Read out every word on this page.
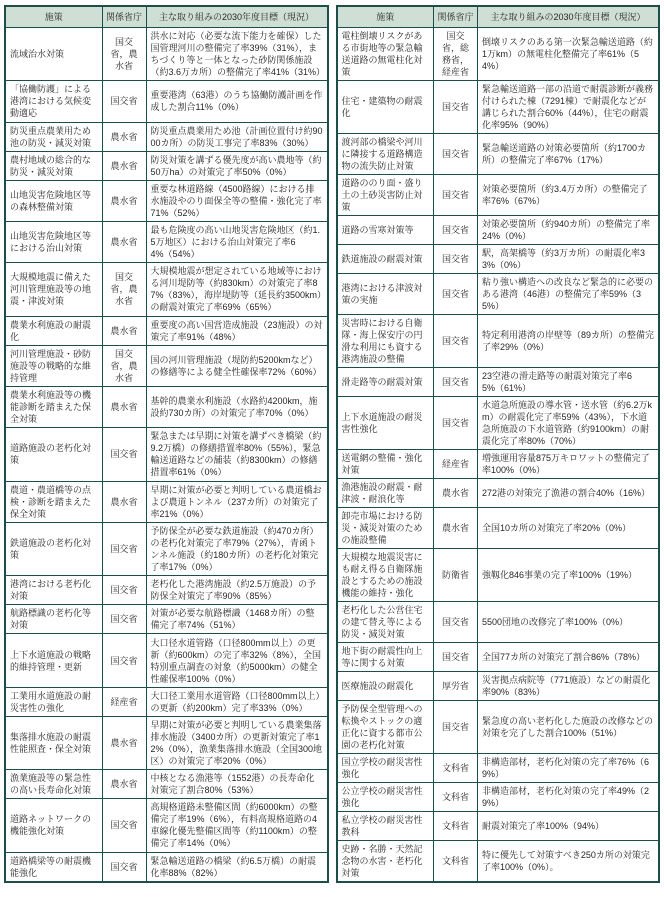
施策	関係省庁	主な取り組みの2030年度目標（現況）
流域治水対策	国交省，農水省	洪水に対応（必要な流下能力を確保）した国管理河川の整備完了率39%（31%），まちづくり等と一体となった砂防関係施設（約3.6万カ所）の整備完了率41%（31%）
「協働防護」による港湾における気候変動適応	国交省	重要港湾（63港）のうち協働防護計画を作成した割合11%（0%）
防災重点農業用ため池の防災・減災対策	農水省	防災重点農業用ため池（計画位置付け約9000カ所）の防災工事完了率83%（30%）
農村地域の総合的な防災・減災対策	農水省	防災対策を講ずる優先度が高い農地等（約50万ha）の対策完了率50%（0%）
山地災害危険地区等の森林整備対策	農水省	重要な林道路線（4500路線）における排水施設やのり面保全等の整備・強化完了率71%（52%）
山地災害危険地区等における治山対策	農水省	最も危険度の高い山地災害危険地区（約1.5万地区）における治山対策完了率64%（54%）
大規模地震に備えた河川管理施設等の地震・津波対策	国交省，農水省	大規模地震が想定されている地域等における河川堤防等（約830km）の対策完了率87%（83%），海岸堤防等（延長約3500km）の耐震対策完了率69%（65%）
農業水利施設の耐震化	農水省	重要度の高い国営造成施設（23施設）の対策完了率91%（48%）
河川管理施設・砂防施設等の戦略的な維持管理	国交省，農水省	国の河川管理施設（堤防約5200kmなど）の修繕等による健全性確保率72%（60%）
農業水利施設等の機能診断を踏まえた保全対策	農水省	基幹的農業水利施設（水路約4200km，施設約730カ所）の対策完了率70%（0%）
道路施設の老朽化対策	国交省	緊急または早期に対策を講ずべき橋梁（約9.2万橋）の修繕措置率80%（55%），緊急輸送道路などの舗装（約8300km）の修繕措置率61%（0%）
農道・農道橋等の点検・診断を踏まえた保全対策	農水省	早期に対策が必要と判明している農道橋および農道トンネル（237カ所）の対策完了率21%（0%）
鉄道施設の老朽化対策	国交省	予防保全が必要な鉄道施設（約470カ所）の老朽化対策完了率79%（27%），青函トンネル施設（約180カ所）の老朽化対策完了率17%（0%）
港湾における老朽化対策	国交省	老朽化した港湾施設（約2.5万施設）の予防保全対策完了率90%（85%）
航路標識の老朽化等対策	国交省	対策が必要な航路標識（1468カ所）の整備完了率74%（51%）
上下水道施設の戦略的維持管理・更新	国交省	大口径水道管路（口径800mm以上）の更新（約600km）の完了率32%（8%），全国特別重点調査の対象（約5000km）の健全性確保率100%（0%）
工業用水道施設の耐災害性の強化	経産省	大口径工業用水道管路（口径800mm以上）の更新（約200km）完了率33%（0%）
集落排水施設の耐震性能照査・保全対策	農水省	早期に対策が必要と判明している農業集落排水施設（3400カ所）の更新対策完了率12%（0%），漁業集落排水施設（全国300地区）の対策完了率20%（0%）
漁業施設等の緊急性の高い長寿命化対策	農水省	中核となる漁港等（1552港）の長寿命化対策完了割合80%（53%）
道路ネットワークの機能強化対策	国交省	高規格道路未整備区間（約6000km）の整備完了率19%（6%），有料高規格道路の4車線化優先整備区間等（約1100km）の整備完了率14%（0%）
道路橋梁等の耐震機能強化	国交省	緊急輸送道路の橋梁（約6.5万橋）の耐震化率88%（82%）
施策	関係省庁	主な取り組みの2030年度目標（現況）
電柱倒壊リスクがある市街地等の緊急輸送道路の無電柱化対策	国交省，総務省，経産省	倒壊リスクのある第一次緊急輸送道路（約1万km）の無電柱化整備完了率61%（54%）
住宅・建築物の耐震化	国交省	緊急輸送道路一部の沿道で耐震診断が義務付けられた棟（7291棟）で耐震化などが講じられた割合60%（44%），住宅の耐震化率95%（90%）
渡河部の橋梁や河川に隣接する道路構造物の流失防止対策	国交省	緊急輸送道路の対策必要箇所（約1700カ所）の整備完了率67%（17%）
道路ののり面・盛り土の土砂災害防止対策	国交省	対策必要箇所（約3.4万カ所）の整備完了率76%（67%）
道路の雪寒対策等	国交省	対策必要箇所（約940カ所）の整備完了率24%（0%）
鉄道施設の耐震対策	国交省	駅，高架橋等（約3万カ所）の耐震化率33%（0%）
港湾における津波対策の実施	国交省	粘り強い構造への改良など緊急的に必要のある港湾（46港）の整備完了率59%（35%）
災害時における自衛隊・海上保安庁の円滑な利用にも資する港湾施設の整備	国交省	特定利用港湾の岸壁等（89カ所）の整備完了率29%（0%）
滑走路等の耐震対策	国交省	23空港の滑走路等の耐震対策完了率65%（61%）
上下水道施設の耐災害性強化	国交省	水道急所施設の導水管・送水管（約6.2万km）の耐震化完了率59%（43%），下水道急所施設の下水道管路（約9100km）の耐震化完了率80%（70%）
送電網の整備・強化対策	経産省	増強運用容量875万キロワットの整備完了率100%（0%）
漁港施設の耐震・耐津波・耐浪化等	農水省	272港の対策完了漁港の割合40%（16%）
卸売市場における防災・減災対策のための施設整備	農水省	全国10カ所の対策完了率20%（0%）
大規模な地震災害にも耐え得る自衛隊施設とするための施設機能の維持・強化	防衛省	強靱化846事業の完了率100%（19%）
老朽化した公営住宅の建て替え等による防災・減災対策	国交省	5500団地の改修完了率100%（0%）
地下街の耐震性向上等に関する対策	国交省	全国77カ所の対策完了割合86%（78%）
医療施設の耐震化	厚労省	災害拠点病院等（771施設）などの耐震化率90%（83%）
予防保全型管理への転換やストックの適正化に資する都市公園の老朽化対策	国交省	緊急度の高い老朽化した施設の改修などの対策を完了した割合100%（51%）
国立学校の耐災害性強化	文科省	非構造部材，老朽化対策の完了率76%（69%）
公立学校の耐災害性強化	文科省	非構造部材，老朽化対策の完了率49%（29%）
私立学校の耐災害性教科	文科省	耐震対策完了率100%（94%）
史跡・名勝・天然記念物の水害・老朽化対策	文科省	特に優先して対策すべき250カ所の対策完了率100%（0%）。
